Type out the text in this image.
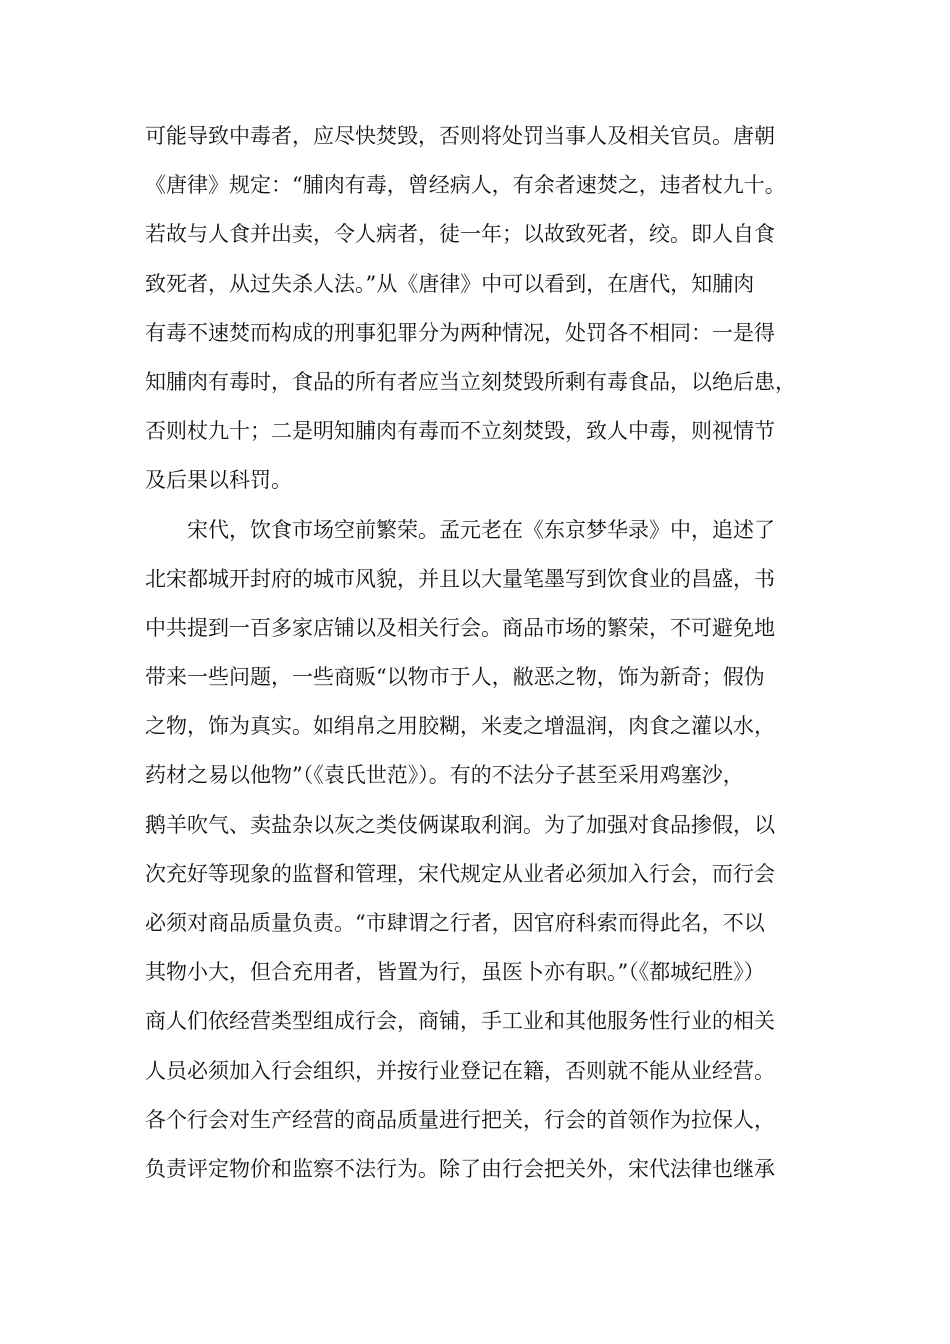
可能导致中毒者，应尽快焚毁，否则将处罚当事人及相关官员。唐朝
《唐律》规定：“脯肉有毒，曾经病人，有余者速焚之，违者杖九十。
若故与人食并出卖，令人病者，徒一年；以故致死者，绞。即人自食
致死者，从过失杀人法。”从《唐律》中可以看到，在唐代，知脯肉
有毒不速焚而构成的刑事犯罪分为两种情况，处罚各不相同：一是得
知脯肉有毒时，食品的所有者应当立刻焚毁所剩有毒食品，以绝后患，
否则杖九十；二是明知脯肉有毒而不立刻焚毁，致人中毒，则视情节
及后果以科罚。
　　宋代，饮食市场空前繁荣。孟元老在《东京梦华录》中，追述了
北宋都城开封府的城市风貌，并且以大量笔墨写到饮食业的昌盛，书
中共提到一百多家店铺以及相关行会。商品市场的繁荣，不可避免地
带来一些问题，一些商贩“以物市于人，敝恶之物，饰为新奇；假伪
之物，饰为真实。如绢帛之用胶糊，米麦之增温润，肉食之灌以水，
药材之易以他物”（《袁氏世范》）。有的不法分子甚至采用鸡塞沙，
鹅羊吹气、卖盐杂以灰之类伎俩谋取利润。为了加强对食品掺假，以
次充好等现象的监督和管理，宋代规定从业者必须加入行会，而行会
必须对商品质量负责。“市肆谓之行者，因官府科索而得此名，不以
其物小大，但合充用者，皆置为行，虽医卜亦有职。”（《都城纪胜》）
商人们依经营类型组成行会，商铺，手工业和其他服务性行业的相关
人员必须加入行会组织，并按行业登记在籍，否则就不能从业经营。
各个行会对生产经营的商品质量进行把关，行会的首领作为拉保人，
负责评定物价和监察不法行为。除了由行会把关外，宋代法律也继承
